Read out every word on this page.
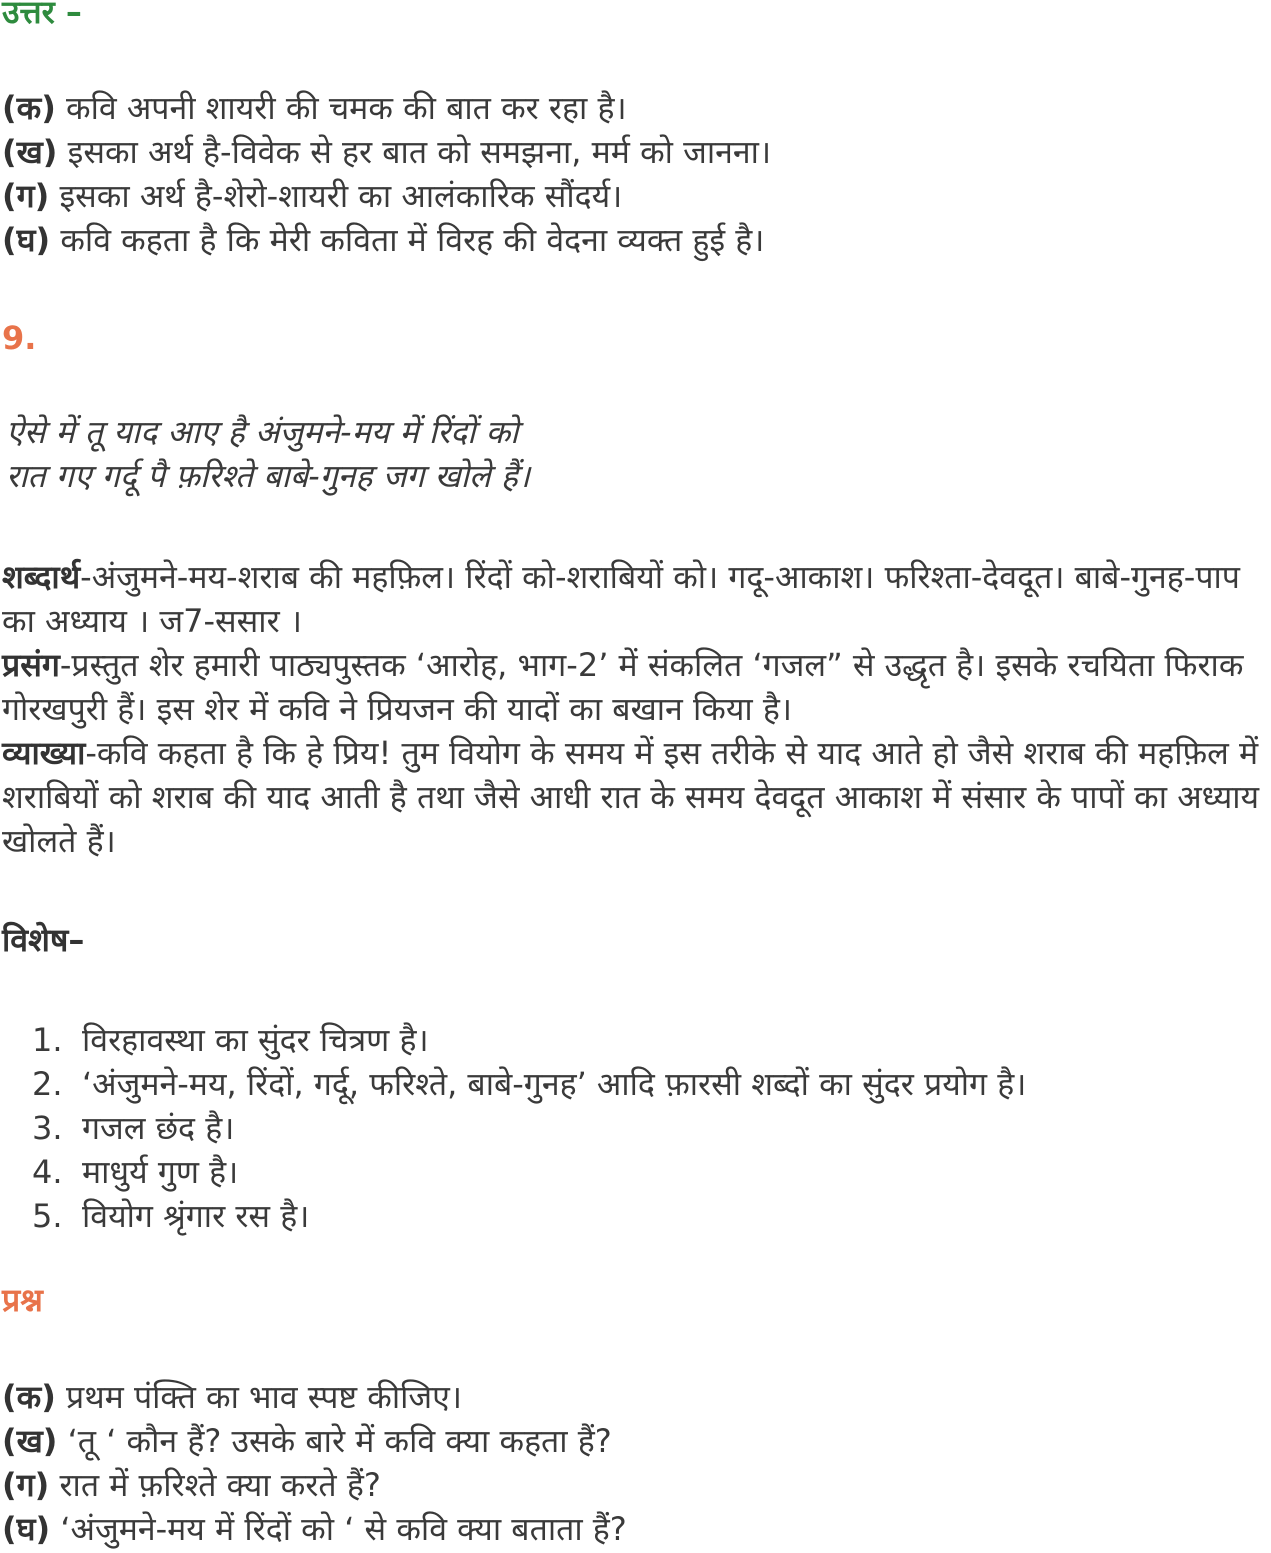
उत्तर –
(क) कवि अपनी शायरी की चमक की बात कर रहा है।
(ख) इसका अर्थ है-विवेक से हर बात को समझना, मर्म को जानना।
(ग) इसका अर्थ है-शेरो-शायरी का आलंकारिक सौंदर्य।
(घ) कवि कहता है कि मेरी कविता में विरह की वेदना व्यक्त हुई है।
9.
ऐसे में तू याद आए है अंजुमने-मय में रिंदों को
रात गए गर्दू पै फ़रिश्ते बाबे-गुनह जग खोले हैं।
शब्दार्थ-अंजुमने-मय-शराब की महफ़िल। रिंदों को-शराबियों को। गदू-आकाश। फरिश्ता-देवदूत। बाबे-गुनह-पाप का अध्याय । ज7-ससार ।
प्रसंग-प्रस्तुत शेर हमारी पाठ्यपुस्तक ‘आरोह, भाग-2’ में संकलित ‘गजल” से उद्धृत है। इसके रचयिता फिराक गोरखपुरी हैं। इस शेर में कवि ने प्रियजन की यादों का बखान किया है।
व्याख्या-कवि कहता है कि हे प्रिय! तुम वियोग के समय में इस तरीके से याद आते हो जैसे शराब की महफ़िल में शराबियों को शराब की याद आती है तथा जैसे आधी रात के समय देवदूत आकाश में संसार के पापों का अध्याय खोलते हैं।
विशेष–
1. विरहावस्था का सुंदर चित्रण है।
2. ‘अंजुमने-मय, रिंदों, गर्दू, फरिश्ते, बाबे-गुनह’ आदि फ़ारसी शब्दों का सुंदर प्रयोग है।
3. गजल छंद है।
4. माधुर्य गुण है।
5. वियोग श्रृंगार रस है।
प्रश्न
(क) प्रथम पंक्ति का भाव स्पष्ट कीजिए।
(ख) ‘तू ‘ कौन हैं? उसके बारे में कवि क्या कहता हैं?
(ग) रात में फ़रिश्ते क्या करते हैं?
(घ) ‘अंजुमने-मय में रिंदों को ‘ से कवि क्या बताता हैं?
